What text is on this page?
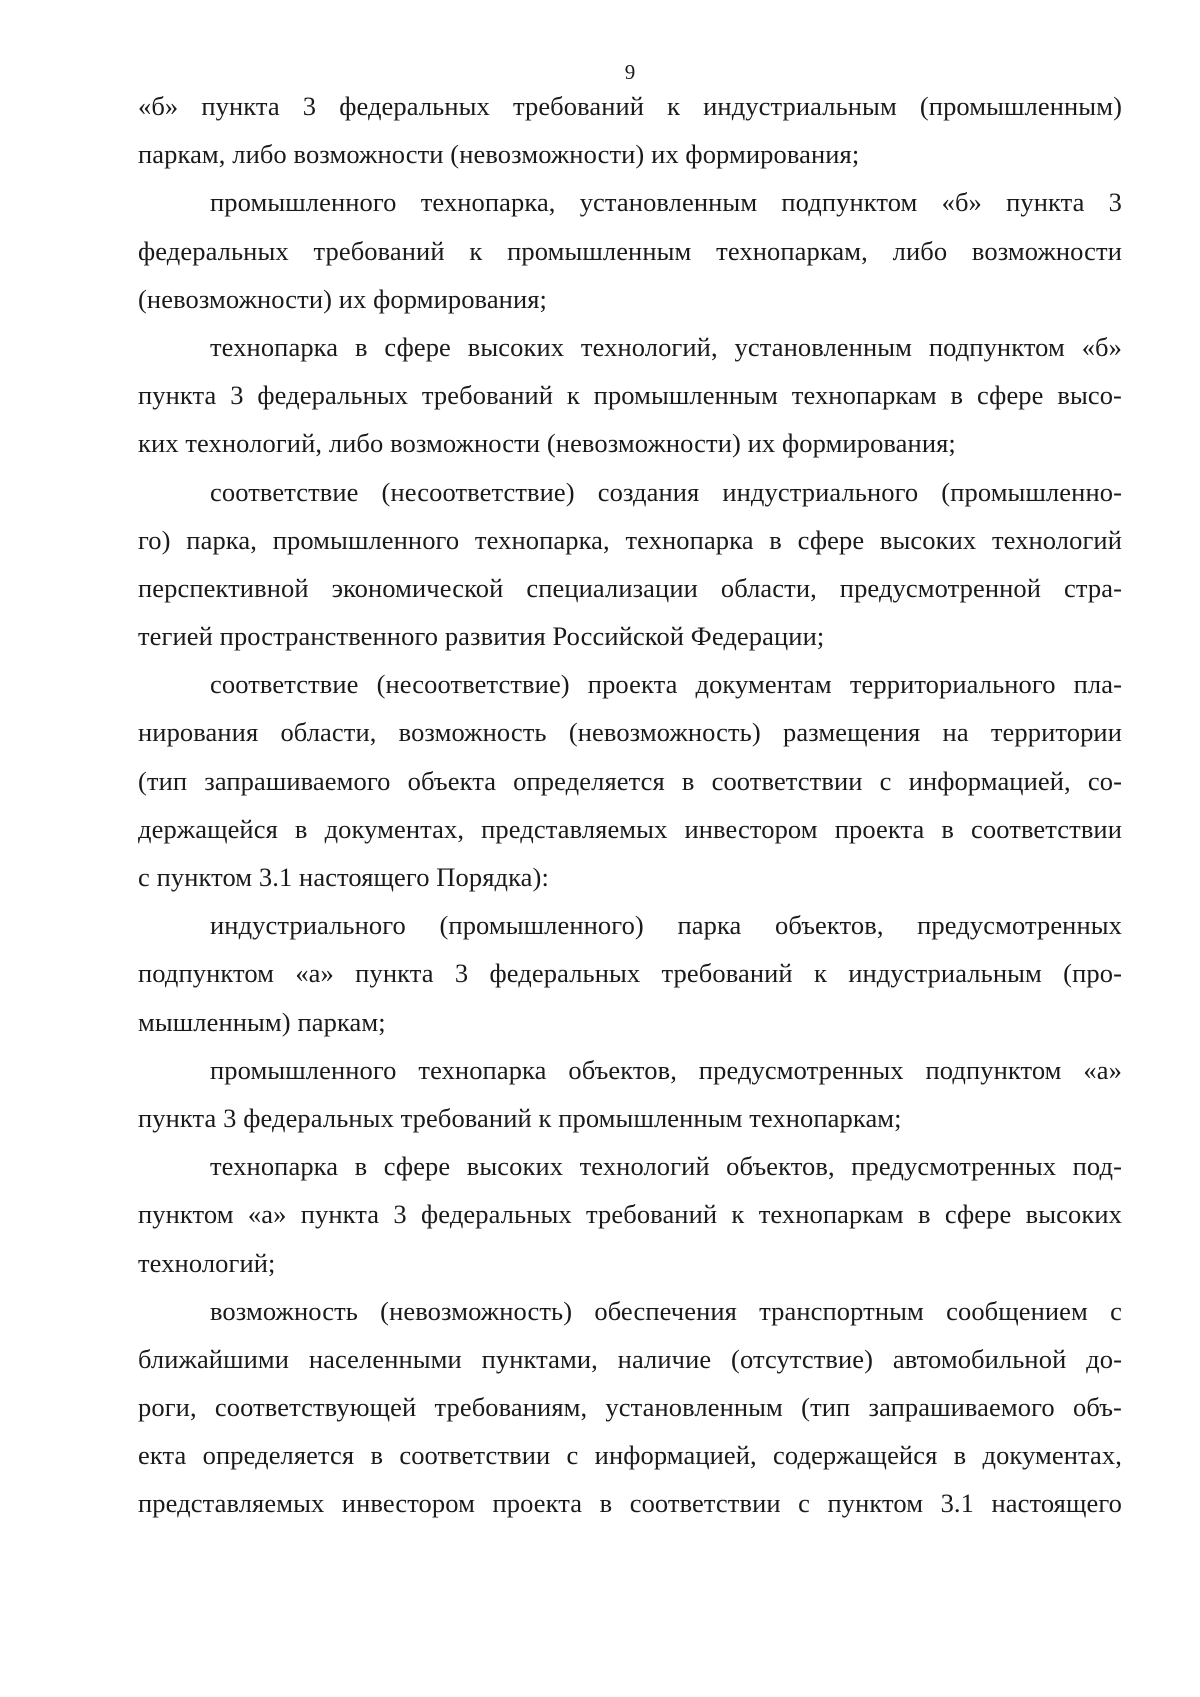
9
«б» пункта 3 федеральных требований к индустриальным (промышленным)
паркам, либо возможности (невозможности) их формирования;
промышленного технопарка, установленным подпунктом «б» пункта 3
федеральных требований к промышленным технопаркам, либо возможности
(невозможности) их формирования;
технопарка в сфере высоких технологий, установленным подпунктом «б»
пункта 3 федеральных требований к промышленным технопаркам в сфере высо-
ких технологий, либо возможности (невозможности) их формирования;
соответствие (несоответствие) создания индустриального (промышленно-
го) парка, промышленного технопарка, технопарка в сфере высоких технологий
перспективной экономической специализации области, предусмотренной стра-
тегией пространственного развития Российской Федерации;
соответствие (несоответствие) проекта документам территориального пла-
нирования области, возможность (невозможность) размещения на территории
(тип запрашиваемого объекта определяется в соответствии с информацией, со-
держащейся в документах, представляемых инвестором проекта в соответствии
с пунктом 3.1 настоящего Порядка):
индустриального (промышленного) парка объектов, предусмотренных
подпунктом «а» пункта 3 федеральных требований к индустриальным (про-
мышленным) паркам;
промышленного технопарка объектов, предусмотренных подпунктом «а»
пункта 3 федеральных требований к промышленным технопаркам;
технопарка в сфере высоких технологий объектов, предусмотренных под-
пунктом «а» пункта 3 федеральных требований к технопаркам в сфере высоких
технологий;
возможность (невозможность) обеспечения транспортным сообщением с
ближайшими населенными пунктами, наличие (отсутствие) автомобильной до-
роги, соответствующей требованиям, установленным (тип запрашиваемого объ-
екта определяется в соответствии с информацией, содержащейся в документах,
представляемых инвестором проекта в соответствии с пунктом 3.1 настоящего
